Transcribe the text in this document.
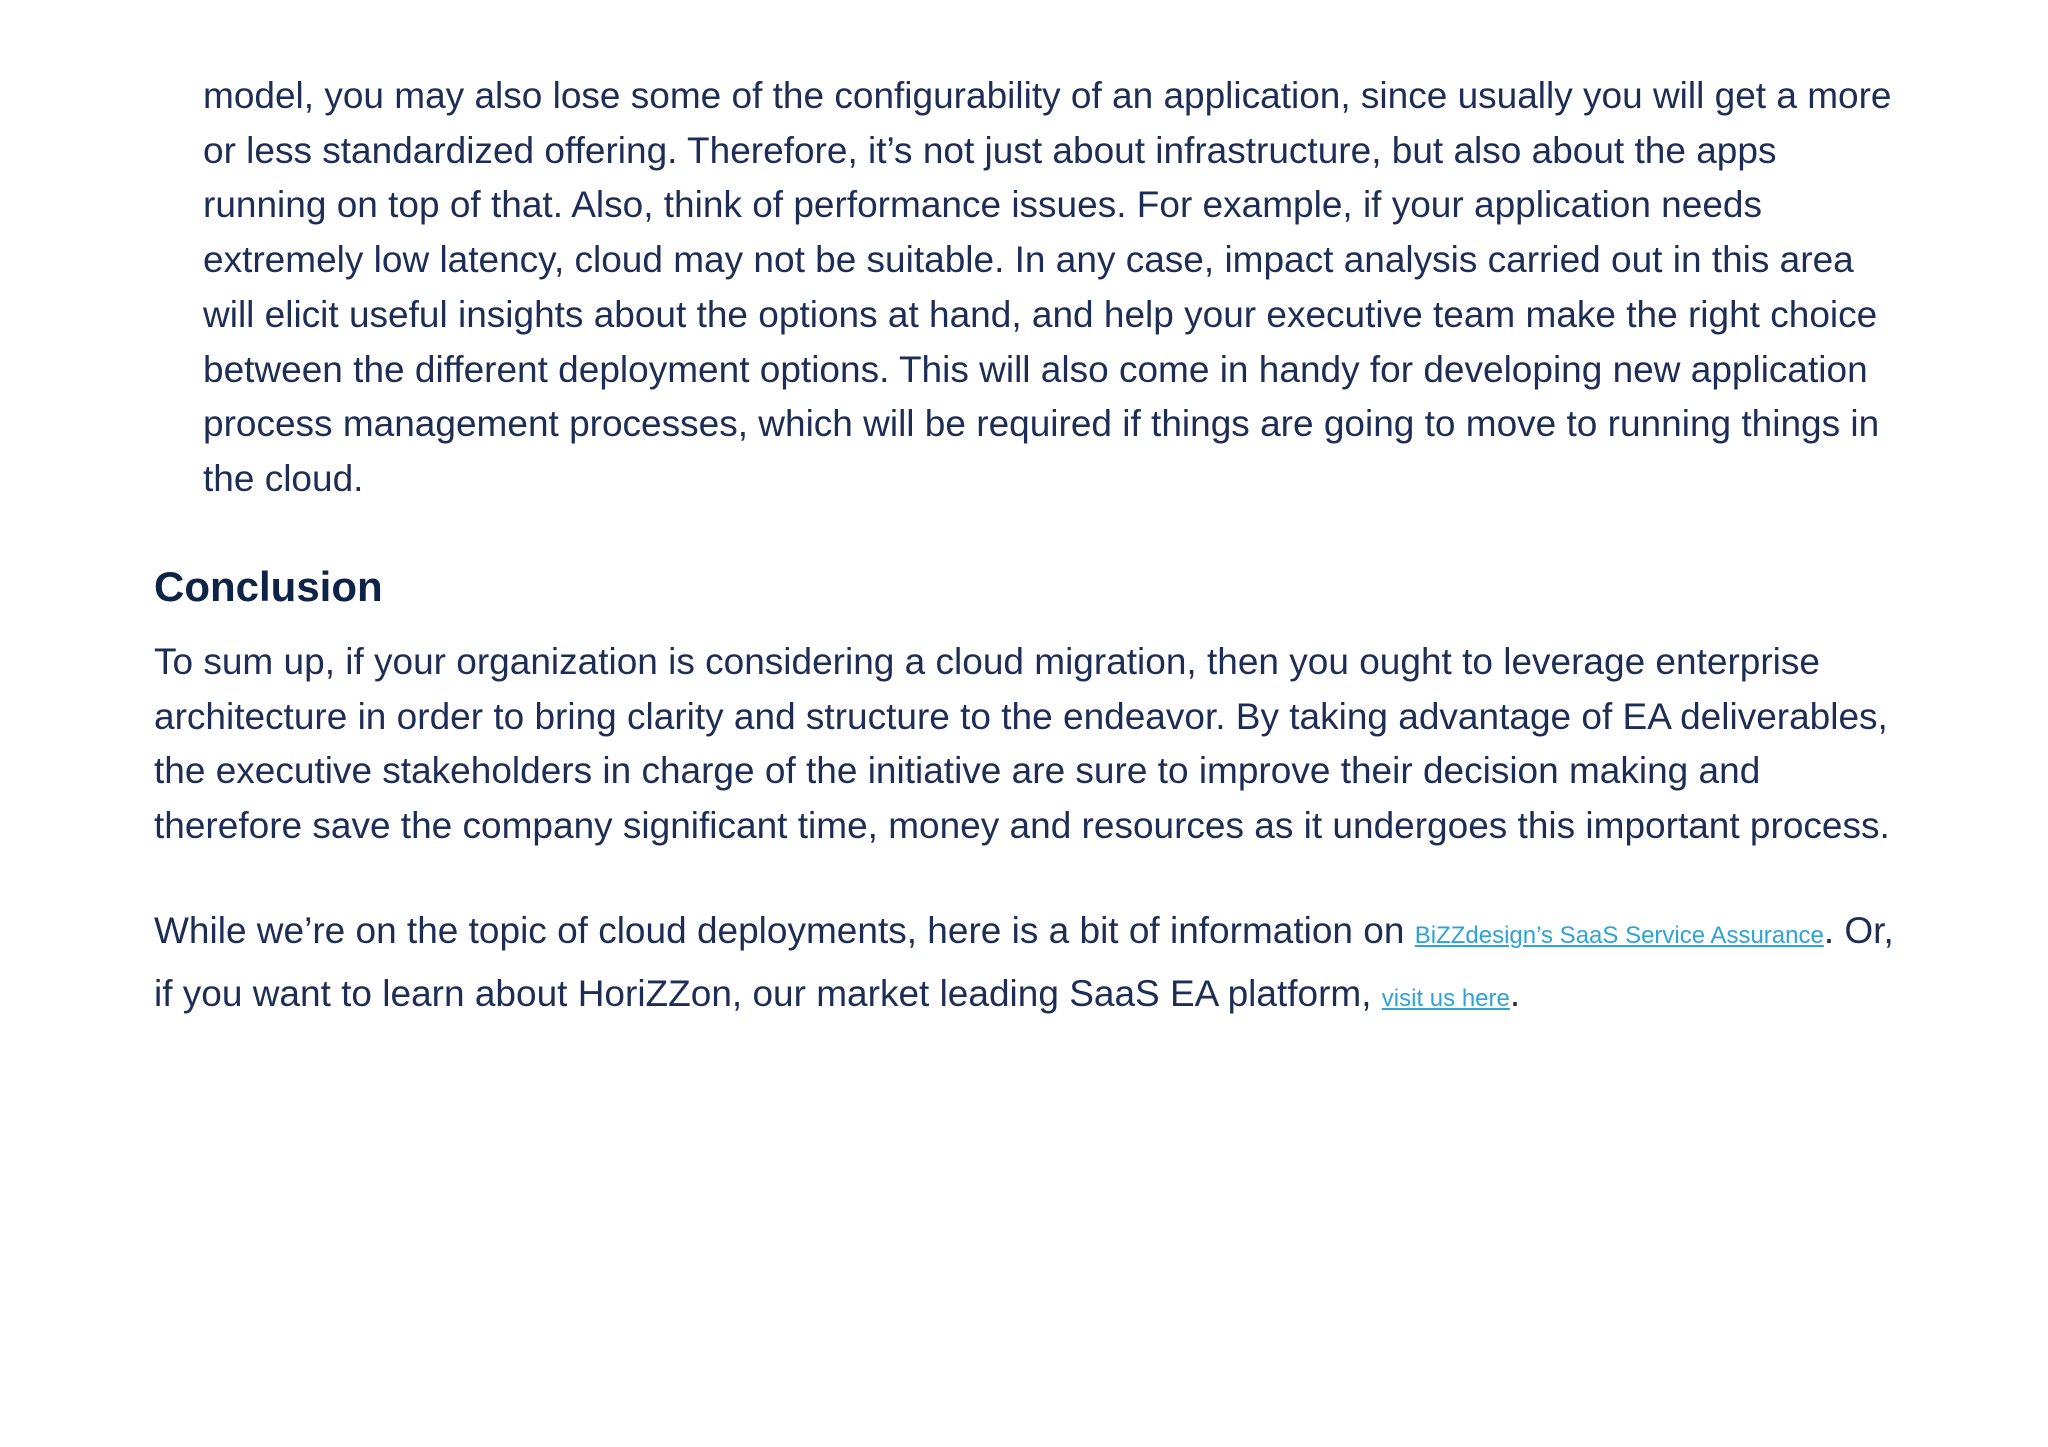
model, you may also lose some of the configurability of an application, since usually you will get a more or less standardized offering. Therefore, it’s not just about infrastructure, but also about the apps running on top of that. Also, think of performance issues. For example, if your application needs extremely low latency, cloud may not be suitable. In any case, impact analysis carried out in this area will elicit useful insights about the options at hand, and help your executive team make the right choice between the different deployment options. This will also come in handy for developing new application process management processes, which will be required if things are going to move to running things in the cloud.

Conclusion

To sum up, if your organization is considering a cloud migration, then you ought to leverage enterprise architecture in order to bring clarity and structure to the endeavor. By taking advantage of EA deliverables, the executive stakeholders in charge of the initiative are sure to improve their decision making and therefore save the company significant time, money and resources as it undergoes this important process.

While we’re on the topic of cloud deployments, here is a bit of information on BiZZdesign’s SaaS Service Assurance. Or, if you want to learn about HoriZZon, our market leading SaaS EA platform, visit us here.
